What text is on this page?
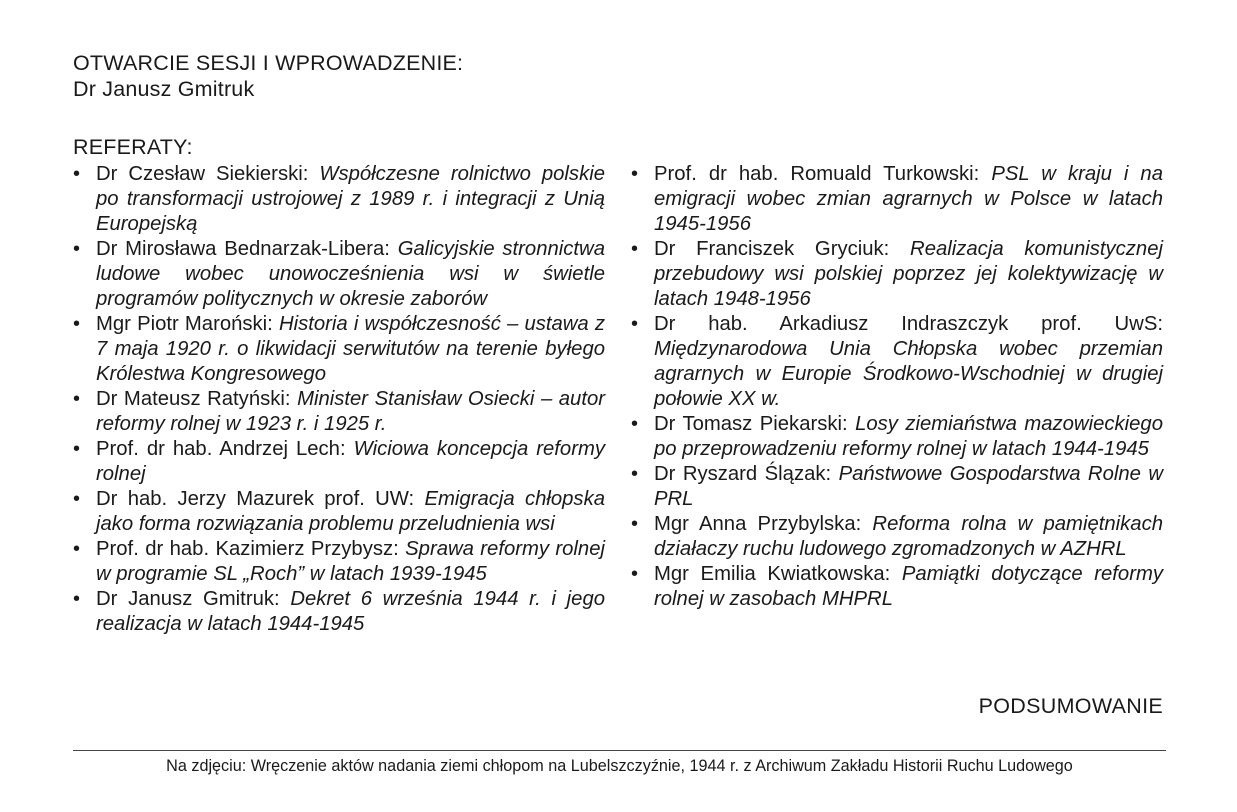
OTWARCIE SESJI I WPROWADZENIE:
Dr Janusz Gmitruk
REFERATY:
• Dr Czesław Siekierski: Współczesne rolnictwo polskie po transformacji ustrojowej z 1989 r. i integracji z Unią Europejską
• Dr Mirosława Bednarzak-Libera: Galicyjskie stronnictwa ludowe wobec unowocześnienia wsi w świetle programów politycznych w okresie zaborów
• Mgr Piotr Maroński: Historia i współczesność – ustawa z 7 maja 1920 r. o likwidacji serwitutów na terenie byłego Królestwa Kongresowego
• Dr Mateusz Ratyński: Minister Stanisław Osiecki – autor reformy rolnej w 1923 r. i 1925 r.
• Prof. dr hab. Andrzej Lech: Wiciowa koncepcja reformy rolnej
• Dr hab. Jerzy Mazurek prof. UW: Emigracja chłopska jako forma rozwiązania problemu przeludnienia wsi
• Prof. dr hab. Kazimierz Przybysz: Sprawa reformy rolnej w programie SL „Roch” w latach 1939-1945
• Dr Janusz Gmitruk: Dekret 6 września 1944 r. i jego realizacja w latach 1944-1945
• Prof. dr hab. Romuald Turkowski: PSL w kraju i na emigracji wobec zmian agrarnych w Polsce w latach 1945-1956
• Dr Franciszek Gryciuk: Realizacja komunistycznej przebudowy wsi polskiej poprzez jej kolektywizację w latach 1948-1956
• Dr hab. Arkadiusz Indraszczyk prof. UwS: Międzynarodowa Unia Chłopska wobec przemian agrarnych w Europie Środkowo-Wschodniej w drugiej połowie XX w.
• Dr Tomasz Piekarski: Losy ziemiaństwa mazowieckiego po przeprowadzeniu reformy rolnej w latach 1944-1945
• Dr Ryszard Ślązak: Państwowe Gospodarstwa Rolne w PRL
• Mgr Anna Przybylska: Reforma rolna w pamiętnikach działaczy ruchu ludowego zgromadzonych w AZHRL
• Mgr Emilia Kwiatkowska: Pamiątki dotyczące reformy rolnej w zasobach MHPRL
PODSUMOWANIE
Na zdjęciu: Wręczenie aktów nadania ziemi chłopom na Lubelszczyźnie, 1944 r. z Archiwum Zakładu Historii Ruchu Ludowego
